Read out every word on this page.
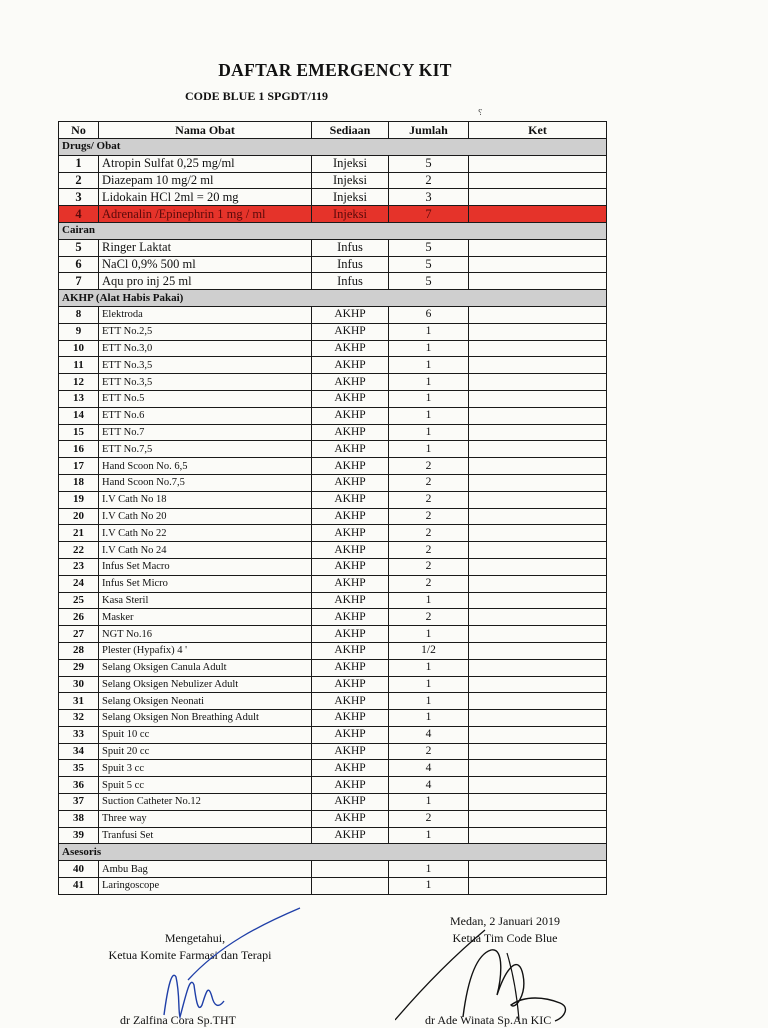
DAFTAR EMERGENCY KIT
CODE BLUE 1 SPGDT/119
⸮
No	Nama Obat	Sediaan	Jumlah	Ket
Drugs/ Obat				
1	Atropin Sulfat 0,25 mg/ml	Injeksi	5	
2	Diazepam 10 mg/2 ml	Injeksi	2	
3	Lidokain HCl 2ml = 20 mg	Injeksi	3	
4	Adrenalin /Epinephrin 1 mg / ml	Injeksi	7	
Cairan				
5	Ringer Laktat	Infus	5	
6	NaCl 0,9% 500 ml	Infus	5	
7	Aqu pro inj 25 ml	Infus	5	
AKHP (Alat Habis Pakai)				
8	Elektroda	AKHP	6	
9	ETT No.2,5	AKHP	1	
10	ETT No.3,0	AKHP	1	
11	ETT No.3,5	AKHP	1	
12	ETT No.3,5	AKHP	1	
13	ETT No.5	AKHP	1	
14	ETT No.6	AKHP	1	
15	ETT No.7	AKHP	1	
16	ETT No.7,5	AKHP	1	
17	Hand Scoon No. 6,5	AKHP	2	
18	Hand Scoon No.7,5	AKHP	2	
19	I.V Cath No 18	AKHP	2	
20	I.V Cath No 20	AKHP	2	
21	I.V Cath No 22	AKHP	2	
22	I.V Cath No 24	AKHP	2	
23	Infus Set Macro	AKHP	2	
24	Infus Set Micro	AKHP	2	
25	Kasa Steril	AKHP	1	
26	Masker	AKHP	2	
27	NGT No.16	AKHP	1	
28	Plester (Hypafix) 4 '	AKHP	1/2	
29	Selang Oksigen Canula Adult	AKHP	1	
30	Selang Oksigen Nebulizer Adult	AKHP	1	
31	Selang Oksigen Neonati	AKHP	1	
32	Selang Oksigen Non Breathing Adult	AKHP	1	
33	Spuit 10 cc	AKHP	4	
34	Spuit 20 cc	AKHP	2	
35	Spuit 3 cc	AKHP	4	
36	Spuit 5 cc	AKHP	4	
37	Suction Catheter No.12	AKHP	1	
38	Three way	AKHP	2	
39	Tranfusi Set	AKHP	1	
Asesoris				
40	Ambu Bag		1	
41	Laringoscope		1	
Mengetahui,
Ketua Komite Farmasi dan Terapi
Medan, 2 Januari 2019
Ketua Tim Code Blue
dr Zalfina Cora Sp.THT	dr Ade Winata Sp.An KIC
